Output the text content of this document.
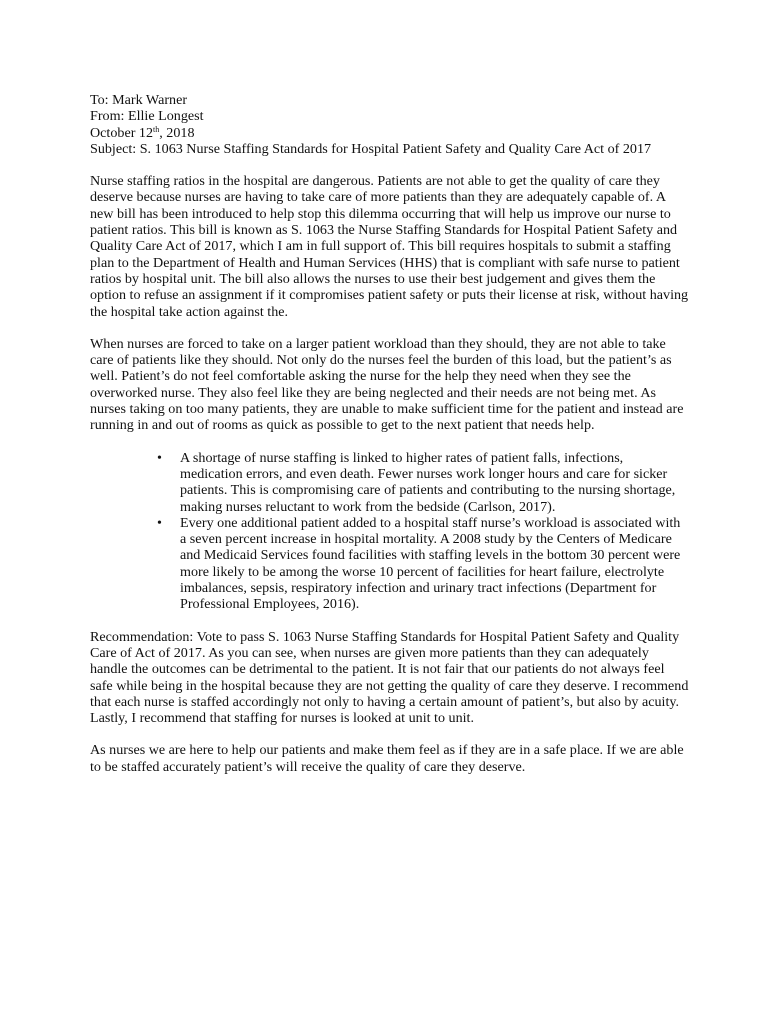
To: Mark Warner
From: Ellie Longest
October 12th, 2018
Subject: S. 1063 Nurse Staffing Standards for Hospital Patient Safety and Quality Care Act of 2017
Nurse staffing ratios in the hospital are dangerous. Patients are not able to get the quality of care they
deserve because nurses are having to take care of more patients than they are adequately capable of. A
new bill has been introduced to help stop this dilemma occurring that will help us improve our nurse to
patient ratios. This bill is known as S. 1063 the Nurse Staffing Standards for Hospital Patient Safety and
Quality Care Act of 2017, which I am in full support of. This bill requires hospitals to submit a staffing
plan to the Department of Health and Human Services (HHS) that is compliant with safe nurse to patient
ratios by hospital unit. The bill also allows the nurses to use their best judgement and gives them the
option to refuse an assignment if it compromises patient safety or puts their license at risk, without having
the hospital take action against the.
When nurses are forced to take on a larger patient workload than they should, they are not able to take
care of patients like they should. Not only do the nurses feel the burden of this load, but the patient’s as
well. Patient’s do not feel comfortable asking the nurse for the help they need when they see the
overworked nurse. They also feel like they are being neglected and their needs are not being met. As
nurses taking on too many patients, they are unable to make sufficient time for the patient and instead are
running in and out of rooms as quick as possible to get to the next patient that needs help.
• A shortage of nurse staffing is linked to higher rates of patient falls, infections,
medication errors, and even death. Fewer nurses work longer hours and care for sicker
patients. This is compromising care of patients and contributing to the nursing shortage,
making nurses reluctant to work from the bedside (Carlson, 2017).
• Every one additional patient added to a hospital staff nurse’s workload is associated with
a seven percent increase in hospital mortality. A 2008 study by the Centers of Medicare
and Medicaid Services found facilities with staffing levels in the bottom 30 percent were
more likely to be among the worse 10 percent of facilities for heart failure, electrolyte
imbalances, sepsis, respiratory infection and urinary tract infections (Department for
Professional Employees, 2016).
Recommendation: Vote to pass S. 1063 Nurse Staffing Standards for Hospital Patient Safety and Quality
Care of Act of 2017. As you can see, when nurses are given more patients than they can adequately
handle the outcomes can be detrimental to the patient. It is not fair that our patients do not always feel
safe while being in the hospital because they are not getting the quality of care they deserve. I recommend
that each nurse is staffed accordingly not only to having a certain amount of patient’s, but also by acuity.
Lastly, I recommend that staffing for nurses is looked at unit to unit.
As nurses we are here to help our patients and make them feel as if they are in a safe place. If we are able
to be staffed accurately patient’s will receive the quality of care they deserve.
